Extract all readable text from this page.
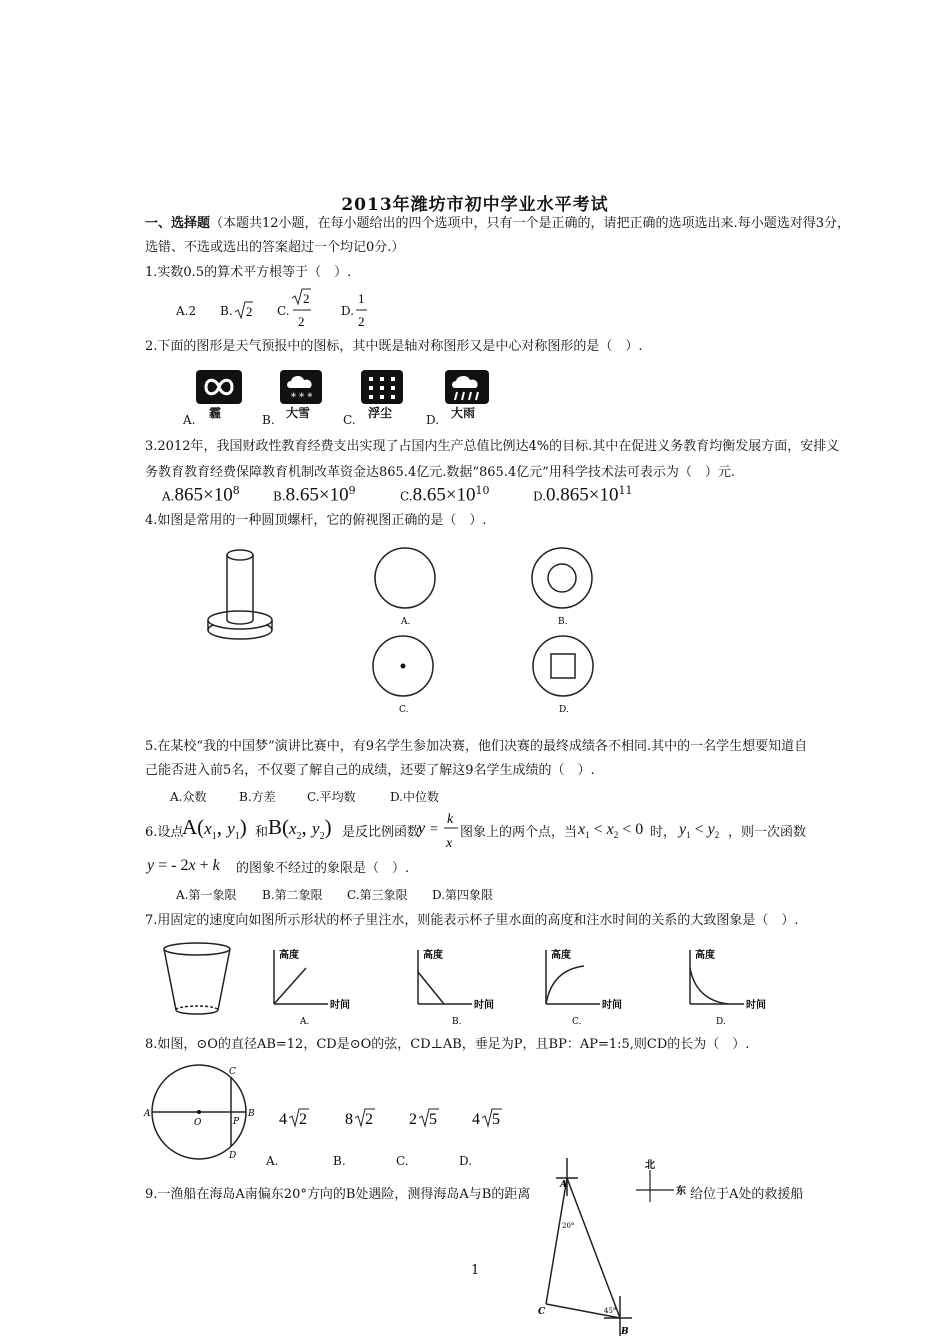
2013年潍坊市初中学业水平考试
一、选择题（本题共12小题，在每小题给出的四个选项中，只有一个是正确的，请把正确的选项选出来.每小题选对得3分，
选错、不选或选出的答案超过一个均记0分.）
1.实数0.5的算术平方根等于（　）.
A.2 B. 2 C.
2
2
D.
1
2
2.下面的图形是天气预报中的图标，其中既是轴对称图形又是中心对称图形的是（　）.
霾
* * *
大雪	浮尘	大雨
A.	B.	C.	D.
3.2012年，我国财政性教育经费支出实现了占国内生产总值比例达4%的目标.其中在促进义务教育均衡发展方面，安排义
务教育教育经费保障教育机制改革资金达865.4亿元.数据“865.4亿元”用科学技术法可表示为（　）元.
$A.865\times 10^8$	$B.8.65\times 10^9$	$C.8.65\times 10^{10}$	$D.0.865\times 10^{11}$
4.如图是常用的一种圆顶螺杆，它的俯视图正确的是（　）.
A.	B.
C.	D.
5.在某校“我的中国梦”演讲比赛中，有9名学生参加决赛，他们决赛的最终成绩各不相同.其中的一名学生想要知道自
己能否进入前5名，不仅要了解自己的成绩，还要了解这9名学生成绩的（　）.
A.众数	B.方差	C.平均数	D.中位数
6.设点
$A(x_1$, $y_1$) 和 $B(x_2$, $y_2$) 是反比例函数
y =
k
x
图象上的两个点，当 $x_1 < x_2 < 0$ 时， $y_1 < y_2$ ，则一次函数
y = - 2x + k 的图象不经过的象限是（　）.
A.第一象限 B.第二象限 C.第三象限 D.第四象限
7.用固定的速度向如图所示形状的杯子里注水，则能表示杯子里水面的高度和注水时间的关系的大致图象是（　）.
高度
时间
A.
高度
时间
B.
高度
时间
C.
高度
时间
D.
8.如图，⊙O的直径AB=12，CD是⊙O的弦，CD⊥AB，垂足为P，且BP：AP=1:5,则CD的长为（　）.
A	B
C
D
O	P 4 2 8 2 2 5 4 5
A.	B.	C.	D.
9.一渔船在海岛A南偏东20°方向的B处遇险，测得海岛A与B的距离	给位于A处的救援船
A
20°
45°
C
B
北
东
1
